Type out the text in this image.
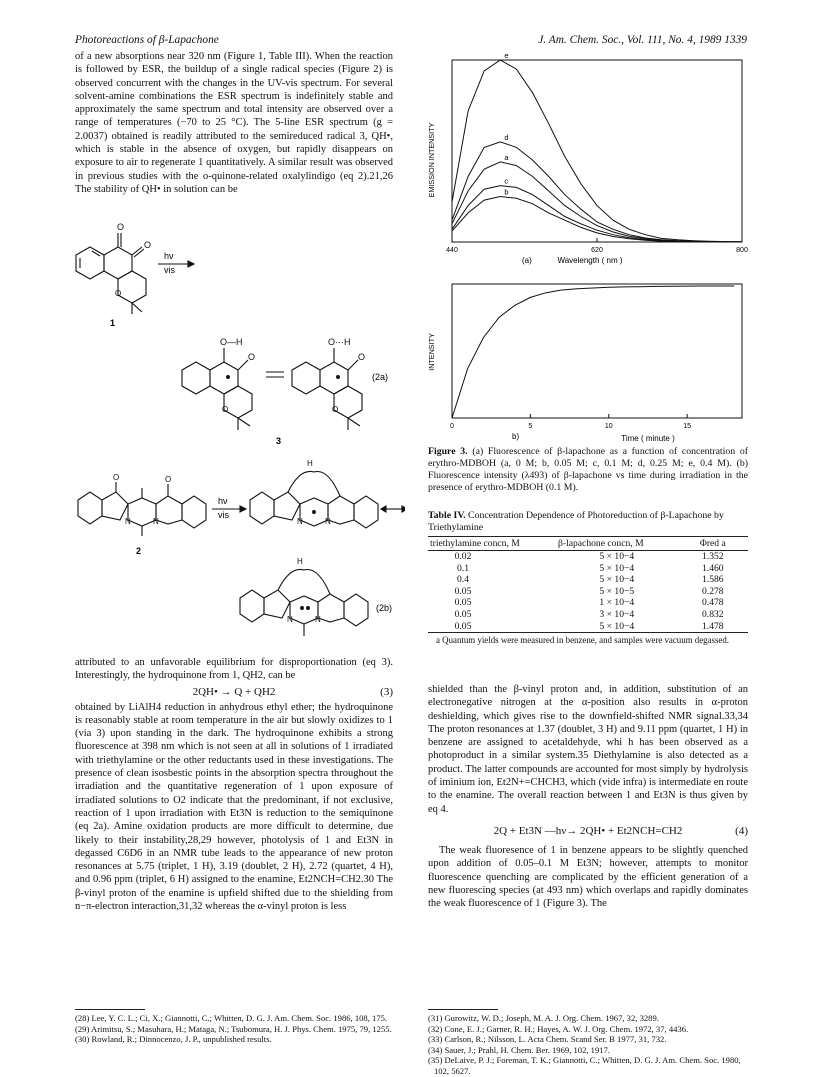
Photoreactions of β-Lapachone	J. Am. Chem. Soc., Vol. 111, No. 4, 1989 1339

of a new absorptions near 320 nm (Figure 1, Table III). When the reaction is followed by ESR, the buildup of a single radical species (Figure 2) is observed concurrent with the changes in the UV-vis spectrum. For several solvent-amine combinations the ESR spectrum is indefinitely stable and approximately the same spectrum and total intensity are observed over a range of temperatures (−70 to 25 °C). The 5-line ESR spectrum (g = 2.0037) obtained is readily attributed to the semireduced radical 3, QH•, which is stable in the absence of oxygen, but rapidly disappears on exposure to air to regenerate 1 quantitatively. A similar result was observed in previous studies with the o-quinone-related oxalylindigo (eq 2).21,26 The stability of QH• in solution can be

O
O
O
O—H
O
O
O···H
O
O
O	O
N	N
H
N	N
H
N	N
hν
vis
hν
vis
1
3
2
(2a)
(2b)

attributed to an unfavorable equilibrium for disproportionation (eq 3). Interestingly, the hydroquinone from 1, QH2, can be

2QH• → Q + QH2	(3)

obtained by LiAlH4 reduction in anhydrous ethyl ether; the hydroquinone is reasonably stable at room temperature in the air but slowly oxidizes to 1 (via 3) upon standing in the dark. The hydroquinone exhibits a strong fluorescence at 398 nm which is not seen at all in solutions of 1 irradiated with triethylamine or the other reductants used in these investigations. The presence of clean isosbestic points in the absorption spectra throughout the irradiation and the quantitative regeneration of 1 upon exposure of irradiated solutions to O2 indicate that the predominant, if not exclusive, reaction of 1 upon irradiation with Et3N is reduction to the semiquinone (eq 2a). Amine oxidation products are more difficult to determine, due likely to their instability,28,29 however, photolysis of 1 and Et3N in degassed C6D6 in an NMR tube leads to the appearance of new proton resonances at 5.75 (triplet, 1 H), 3.19 (doublet, 2 H), 2.72 (quartet, 4 H), and 0.96 ppm (triplet, 6 H) assigned to the enamine, Et2NCH=CH2.30 The β-vinyl proton of the enamine is upfield shifted due to the shielding from n−π-electron interaction,31,32 whereas the α-vinyl proton is less

(28) Lee, Y. C. L.; Ci, X.; Giannotti, C.; Whitten, D. G. J. Am. Chem. Soc. 1986, 108, 175.
(29) Arimitsu, S.; Masuhara, H.; Mataga, N.; Tsubomura, H. J. Phys. Chem. 1975, 79, 1255.
(30) Rowland, R.; Dinnocenzo, J. P., unpublished results.
440	620	800
e
d
a
c
b
EMISSION INTENSITY
Wavelength ( nm )
(a)
0	5	10	15
INTENSITY
Time ( minute )
b)
Figure 3. (a) Fluorescence of β-lapachone as a function of concentration of erythro-MDBOH (a, 0 M; b, 0.05 M; c, 0.1 M; d, 0.25 M; e, 0.4 M). (b) Fluorescence intensity (λ493) of β-lapachone vs time during irradiation in the presence of erythro-MDBOH (0.1 M).
Table IV. Concentration Dependence of Photoreduction of β-Lapachone by Triethylamine
triethylamine concn, M	β-lapachone concn, M	Φred a
0.02	5 × 10−4	1.352
0.1	5 × 10−4	1.460
0.4	5 × 10−4	1.586
0.05	5 × 10−5	0.278
0.05	1 × 10−4	0.478
0.05	3 × 10−4	0.832
0.05	5 × 10−4	1.478
a Quantum yields were measured in benzene, and samples were vacuum degassed.

shielded than the β-vinyl proton and, in addition, substitution of an electronegative nitrogen at the α-position also results in α-proton deshielding, which gives rise to the downfield-shifted NMR signal.33,34 The proton resonances at 1.37 (doublet, 3 H) and 9.11 ppm (quartet, 1 H) in benzene are assigned to acetaldehyde, whi h has been observed as a photoproduct in a similar system.35 Diethylamine is also detected as a product. The latter compounds are accounted for most simply by hydrolysis of iminium ion, Et2N+=CHCH3, which (vide infra) is intermediate en route to the enamine. The overall reaction between 1 and Et3N is thus given by eq 4.

2Q + Et3N —hν→ 2QH• + Et2NCH=CH2	(4)

The weak fluoresence of 1 in benzene appears to be slightly quenched upon addition of 0.05–0.1 M Et3N; however, attempts to monitor fluorescence quenching are complicated by the efficient generation of a new fluorescing species (at 493 nm) which overlaps and rapidly dominates the weak fluorescence of 1 (Figure 3). The

(31) Gurowitz, W. D.; Joseph, M. A. J. Org. Chem. 1967, 32, 3289.
(32) Cone, E. J.; Garner, R. H.; Hayes, A. W. J. Org. Chem. 1972, 37, 4436.
(33) Carlson, R.; Nilsson, L. Acta Chem. Scand Ser. B 1977, 31, 732.
(34) Sauer, J.; Prahl, H. Chem. Ber. 1969, 102, 1917.
(35) DeLaive, P. J.; Foreman, T. K.; Giannotti, C.; Whitten, D. G. J. Am. Chem. Soc. 1980, 102, 5627.
